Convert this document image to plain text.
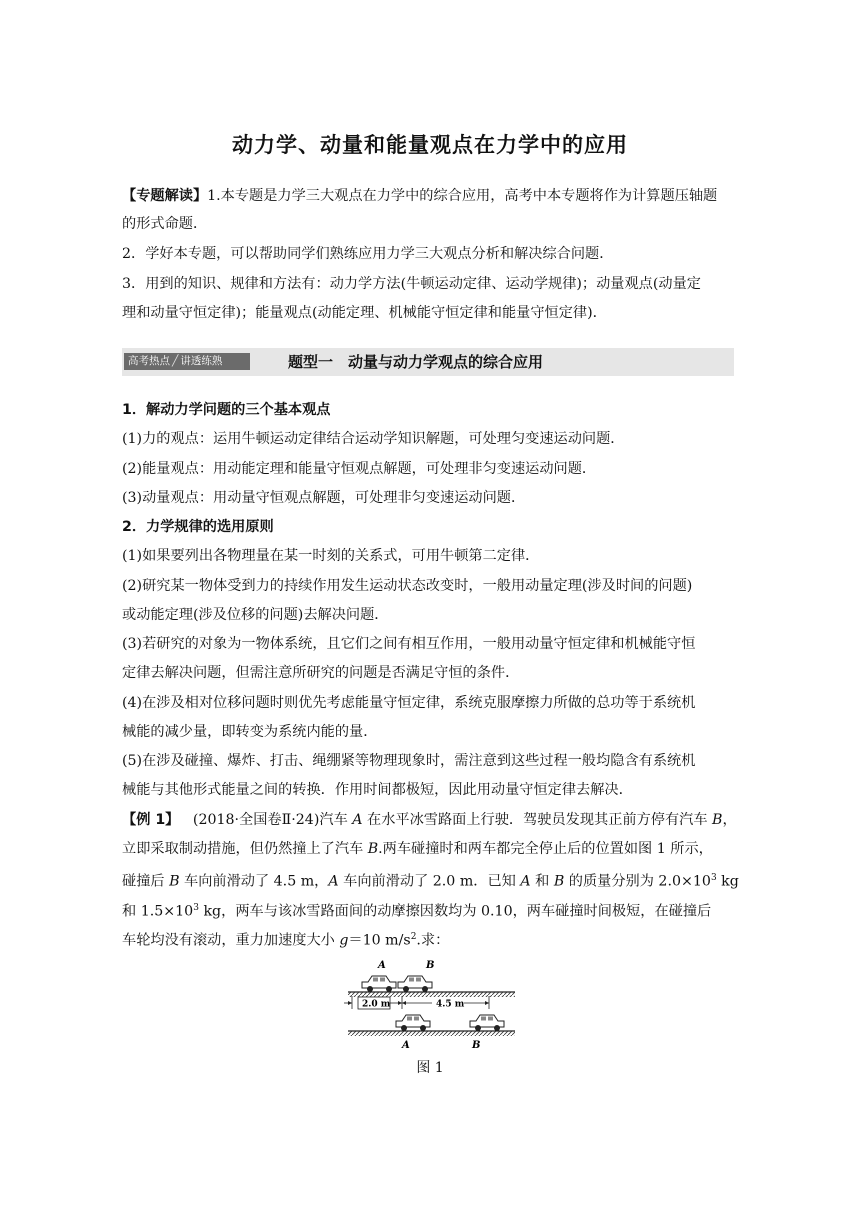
动力学、动量和能量观点在力学中的应用
【专题解读】1.本专题是力学三大观点在力学中的综合应用，高考中本专题将作为计算题压轴题
的形式命题．
2．学好本专题，可以帮助同学们熟练应用力学三大观点分析和解决综合问题．
3．用到的知识、规律和方法有：动力学方法(牛顿运动定律、运动学规律)；动量观点(动量定
理和动量守恒定律)；能量观点(动能定理、机械能守恒定律和能量守恒定律)．
高考热点 ╱ 讲透练熟	题型一　动量与动力学观点的综合应用
1．解动力学问题的三个基本观点
(1)力的观点：运用牛顿运动定律结合运动学知识解题，可处理匀变速运动问题．
(2)能量观点：用动能定理和能量守恒观点解题，可处理非匀变速运动问题．
(3)动量观点：用动量守恒观点解题，可处理非匀变速运动问题．
2．力学规律的选用原则
(1)如果要列出各物理量在某一时刻的关系式，可用牛顿第二定律．
(2)研究某一物体受到力的持续作用发生运动状态改变时，一般用动量定理(涉及时间的问题)
或动能定理(涉及位移的问题)去解决问题．
(3)若研究的对象为一物体系统，且它们之间有相互作用，一般用动量守恒定律和机械能守恒
定律去解决问题，但需注意所研究的问题是否满足守恒的条件．
(4)在涉及相对位移问题时则优先考虑能量守恒定律，系统克服摩擦力所做的总功等于系统机
械能的减少量，即转变为系统内能的量．
(5)在涉及碰撞、爆炸、打击、绳绷紧等物理现象时，需注意到这些过程一般均隐含有系统机
械能与其他形式能量之间的转换．作用时间都极短，因此用动量守恒定律去解决．
【例 1】 (2018·全国卷Ⅱ·24)汽车 A 在水平冰雪路面上行驶．驾驶员发现其正前方停有汽车 B，
立即采取制动措施，但仍然撞上了汽车 B.两车碰撞时和两车都完全停止后的位置如图 1 所示，
碰撞后 B 车向前滑动了 4.5 m，A 车向前滑动了 2.0 m．已知 A 和 B 的质量分别为 $2.0\times 10^3$ kg
和 $1.5\times 10^3$ kg，两车与该冰雪路面间的动摩擦因数均为 0.10，两车碰撞时间极短，在碰撞后
车轮均没有滚动，重力加速度大小 g＝10 $m/s^2$.求：
A	B
2.0 m	4.5 m
A	B
图 1
